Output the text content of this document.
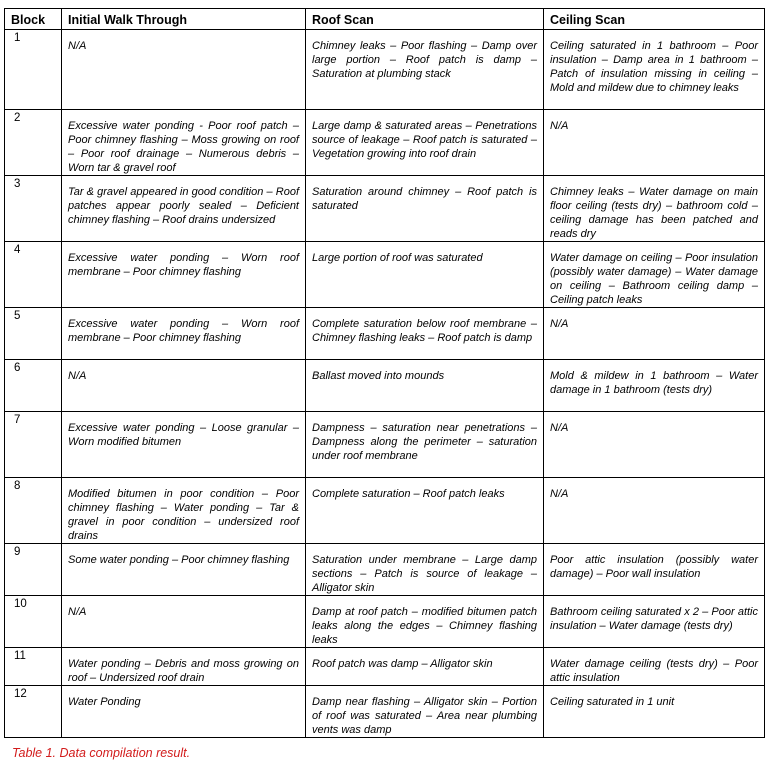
Block	Initial Walk Through	Roof Scan	Ceiling Scan
1	N/A	Chimney leaks – Poor flashing – Damp over large portion – Roof patch is damp – Saturation at plumbing stack	Ceiling saturated in 1 bathroom – Poor insulation – Damp area in 1 bathroom – Patch of insulation missing in ceiling – Mold and mildew due to chimney leaks
2	Excessive water ponding - Poor roof patch – Poor chimney flashing – Moss growing on roof – Poor roof drainage – Numerous debris – Worn tar & gravel roof	Large damp & saturated areas – Penetrations source of leakage – Roof patch is saturated – Vegetation growing into roof drain	N/A
3	Tar & gravel appeared in good condition – Roof patches appear poorly sealed – Deficient chimney flashing – Roof drains undersized	Saturation around chimney – Roof patch is saturated	Chimney leaks – Water damage on main floor ceiling (tests dry) – bathroom cold – ceiling damage has been patched and reads dry
4	Excessive water ponding – Worn roof membrane – Poor chimney flashing	Large portion of roof was saturated	Water damage on ceiling – Poor insulation (possibly water damage) – Water damage on ceiling – Bathroom ceiling damp – Ceiling patch leaks
5	Excessive water ponding – Worn roof membrane – Poor chimney flashing	Complete saturation below roof membrane – Chimney flashing leaks – Roof patch is damp	N/A
6	N/A	Ballast moved into mounds	Mold & mildew in 1 bathroom – Water damage in 1 bathroom (tests dry)
7	Excessive water ponding – Loose granular – Worn modified bitumen	Dampness – saturation near penetrations – Dampness along the perimeter – saturation under roof membrane	N/A
8	Modified bitumen in poor condition – Poor chimney flashing – Water ponding – Tar & gravel in poor condition – undersized roof drains	Complete saturation – Roof patch leaks	N/A
9	Some water ponding – Poor chimney flashing	Saturation under membrane – Large damp sections – Patch is source of leakage – Alligator skin	Poor attic insulation (possibly water damage) – Poor wall insulation
10	N/A	Damp at roof patch – modified bitumen patch leaks along the edges – Chimney flashing leaks	Bathroom ceiling saturated x 2 – Poor attic insulation – Water damage (tests dry)
11	Water ponding – Debris and moss growing on roof – Undersized roof drain	Roof patch was damp – Alligator skin	Water damage ceiling (tests dry) – Poor attic insulation
12	Water Ponding	Damp near flashing – Alligator skin – Portion of roof was saturated – Area near plumbing vents was damp	Ceiling saturated in 1 unit
Table 1. Data compilation result.
